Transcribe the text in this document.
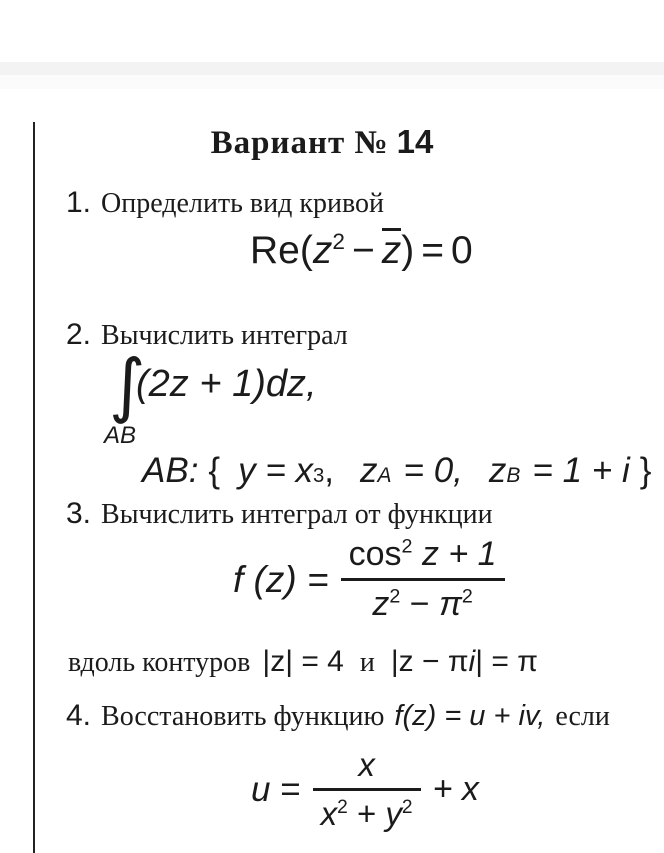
Вариант № 14
1. Определить вид кривой
$Re(z^2 - z) = 0$
2. Вычислить интеграл
∫
(2z + 1)dz,
AB
AB: { y = x 3 , z A = 0, z B = 1 + i }
3. Вычислить интеграл от функции
f $(z) = \frac{\cos^2 z + 1}{z^2 - \pi^2}$
вдоль контуров |z| = 4 и |z − π i | = π
4. Восстановить функцию f(z) = u + iv, если
$u = \frac{x}{x^2 + y^2} + x$
